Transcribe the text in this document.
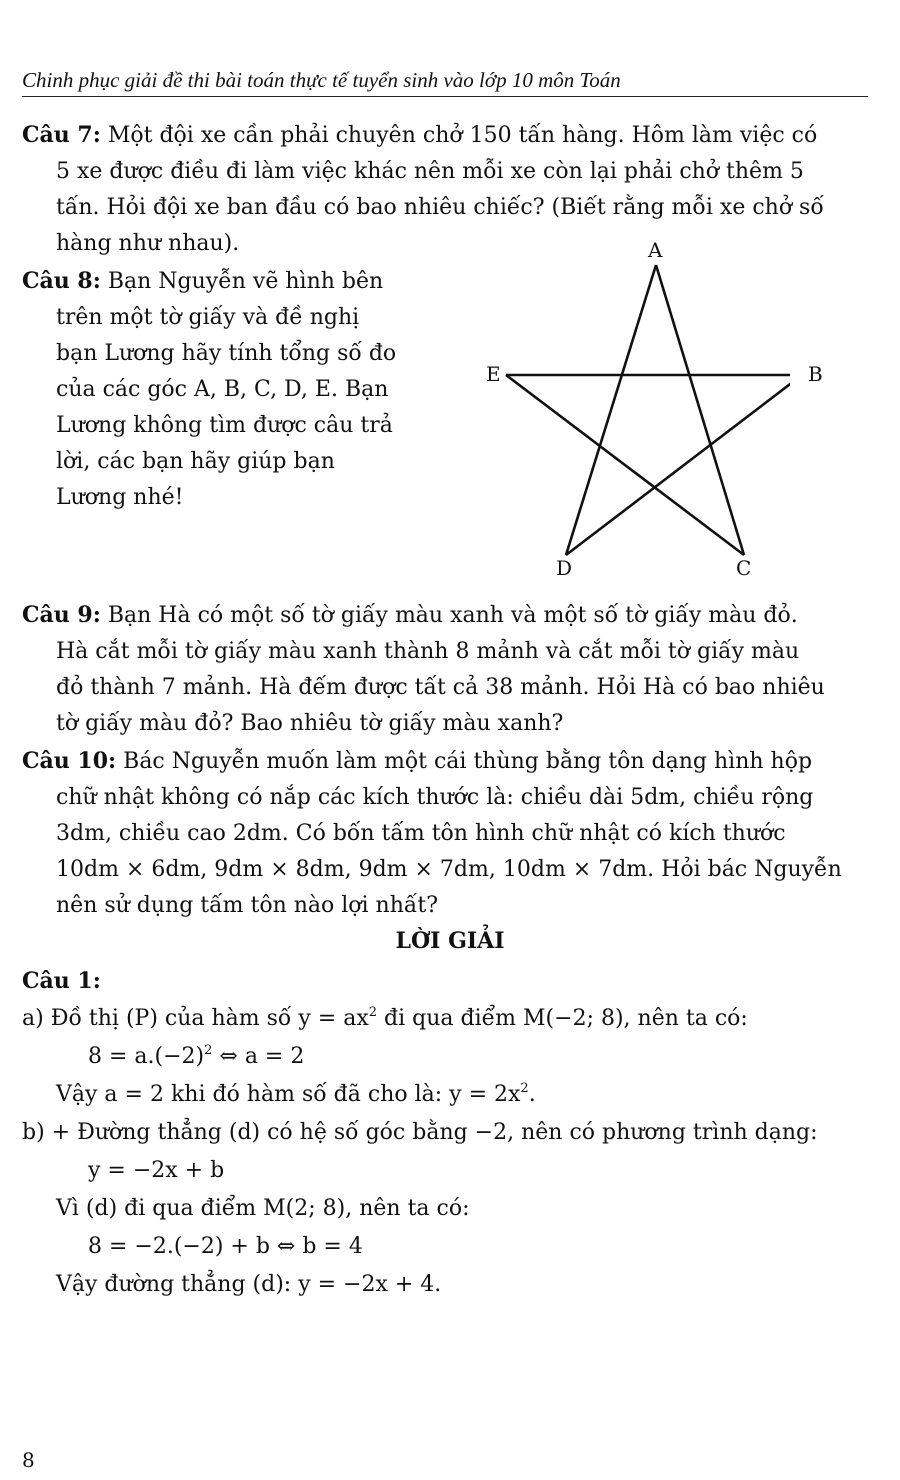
Chinh phục giải đề thi bài toán thực tế tuyển sinh vào lớp 10 môn Toán
Câu 7: Một đội xe cần phải chuyên chở 150 tấn hàng. Hôm làm việc có
5 xe được điều đi làm việc khác nên mỗi xe còn lại phải chở thêm 5
tấn. Hỏi đội xe ban đầu có bao nhiêu chiếc? (Biết rằng mỗi xe chở số
hàng như nhau).
Câu 8: Bạn Nguyễn vẽ hình bên
trên một tờ giấy và đề nghị
bạn Lương hãy tính tổng số đo
của các góc A, B, C, D, E. Bạn
Lương không tìm được câu trả
lời, các bạn hãy giúp bạn
Lương nhé!
A
E
D	C
B
Câu 9: Bạn Hà có một số tờ giấy màu xanh và một số tờ giấy màu đỏ.
Hà cắt mỗi tờ giấy màu xanh thành 8 mảnh và cắt mỗi tờ giấy màu
đỏ thành 7 mảnh. Hà đếm được tất cả 38 mảnh. Hỏi Hà có bao nhiêu
tờ giấy màu đỏ? Bao nhiêu tờ giấy màu xanh?
Câu 10: Bác Nguyễn muốn làm một cái thùng bằng tôn dạng hình hộp
chữ nhật không có nắp các kích thước là: chiều dài 5dm, chiều rộng
3dm, chiều cao 2dm. Có bốn tấm tôn hình chữ nhật có kích thước
10dm × 6dm, 9dm × 8dm, 9dm × 7dm, 10dm × 7dm. Hỏi bác Nguyễn
nên sử dụng tấm tôn nào lợi nhất?
LỜI GIẢI
Câu 1:
a) Đồ thị (P) của hàm số $y = ax^2$ đi qua điểm M(−2; 8), nên ta có:
$8 = a.(-2)^2$ ⇔ a = 2
Vậy a = 2 khi đó hàm số đã cho là: $y = 2x^2$.
b) + Đường thẳng (d) có hệ số góc bằng −2, nên có phương trình dạng:
y = −2x + b
Vì (d) đi qua điểm M(2; 8), nên ta có:
8 = −2.(−2) + b ⇔ b = 4
Vậy đường thẳng (d): y = −2x + 4.
8
